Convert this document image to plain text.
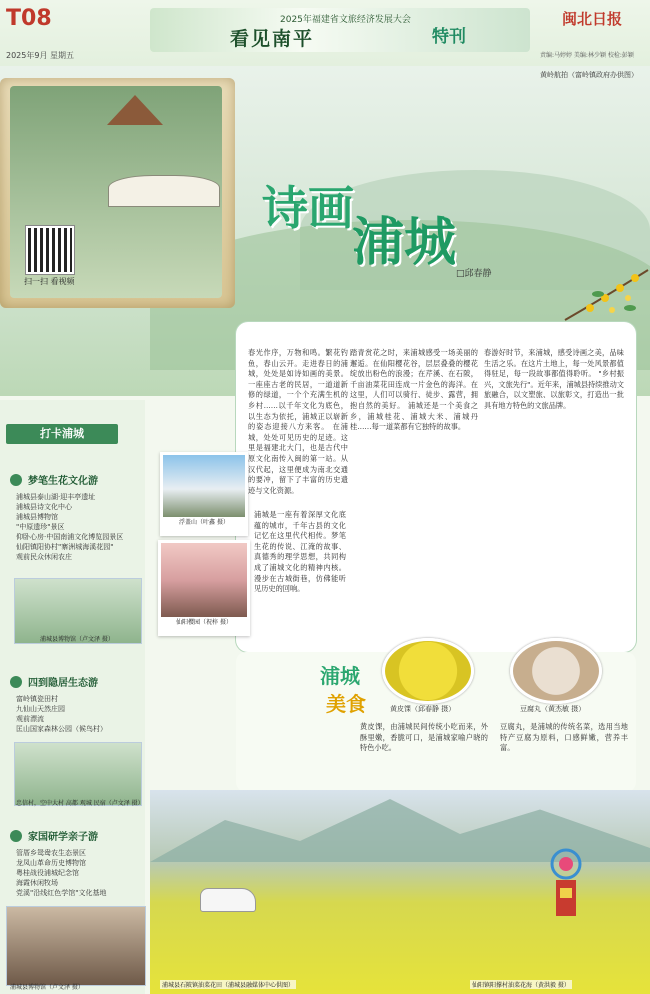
T08
2025年9月 星期五
2025年福建省文旅经济发展大会
看见南平	特刊
闽北日报
责编:马婷婷 美编:林少颖 校检:彭颖
黄岭航拍（富岭镇政府办供图）
诗画
浦城
□邱春静
扫一扫 看视频
打卡浦城
梦笔生花文化游
浦城县泰山湖·迎丰亭遗址
浦城县诗文化中心
浦城县博物馆
"中原遗珍"景区
仰卧心房·中国南浦文化博览园景区
仙阳镇阳协村"寨洲城海溪花园"
观前民众休闲农庄
浦城县博物馆（卢文泽 摄）
四到隐居生态游
富岭镇瓷田村
九仙山天然庄园
观前漂流
匡山国家森林公园（候鸟村）
忠信村，空中大村 高都 观城 民宿（卢文泽 摄）
家国研学亲子游
管厝乡鸳鸯农生态景区
龙凤山革命历史博物馆
粤桂战役浦城纪念馆
海霞休闲牧场
党溪"沿线红色学馆"文化基地
浦城县博物馆（卢文泽 摄）
春光作序，万物和鸣。繁花钓鱼，春山云开。走进春日的浦城，处处是如诗如画的美景。一座座古老的民居，一道道新修的绿道，一个个充满生机的乡村……以千年文化为底色，以生态为依托，浦城正以崭新的姿态迎接八方来客。 在浦城，处处可见历史的足迹。这里是福建北大门，也是古代中原文化南传入闽的第一站。从汉代起，这里便成为南北交通的要冲，留下了丰富的历史遗迹与文化资源。
浦城是一座有着深厚文化底蕴的城市，千年古县的文化记忆在这里代代相传。梦笔生花的传说、江淹的故事、真德秀的理学思想，共同构成了浦城文化的精神内核。漫步在古城街巷，仿佛能听见历史的回响。
踏青赏花之时，来浦城感受一场美丽的邂逅。在仙阳樱花谷，层层叠叠的樱花绽放出粉色的浪漫；在芹溪、在石陂，千亩油菜花田连成一片金色的海洋。在这里，人们可以骑行、徒步、露营，拥抱自然的美好。 浦城还是一个美食之乡，浦城桂花、浦城大米、浦城丹桂……每一道菜都有它独特的故事。
春游好时节，来浦城，感受诗画之美，品味生活之乐。在这片土地上，每一处风景都值得驻足，每一段故事都值得聆听。 "乡村振兴，文旅先行"。近年来，浦城县持续推动文旅融合，以文塑旅、以旅彰文，打造出一批具有地方特色的文旅品牌。
浮盖山（叶鑫 摄）
仙阳樱园（祝梓 摄）
浦城
美食	黄皮馃（邱春静 摄）	豆腐丸（黄杰敏 摄）
黄皮馃，由浦城民间传统小吃而来，外酥里嫩，香脆可口，是浦城家喻户晓的特色小吃。
豆腐丸，是浦城的传统名菜，选用当地特产豆腐为原料，口感鲜嫩，营养丰富。
浦城县石陂镇油菜花田（浦城县融媒体中心供图）	仙阳镇阳撑村油菜花海（黄洪毅 摄）
